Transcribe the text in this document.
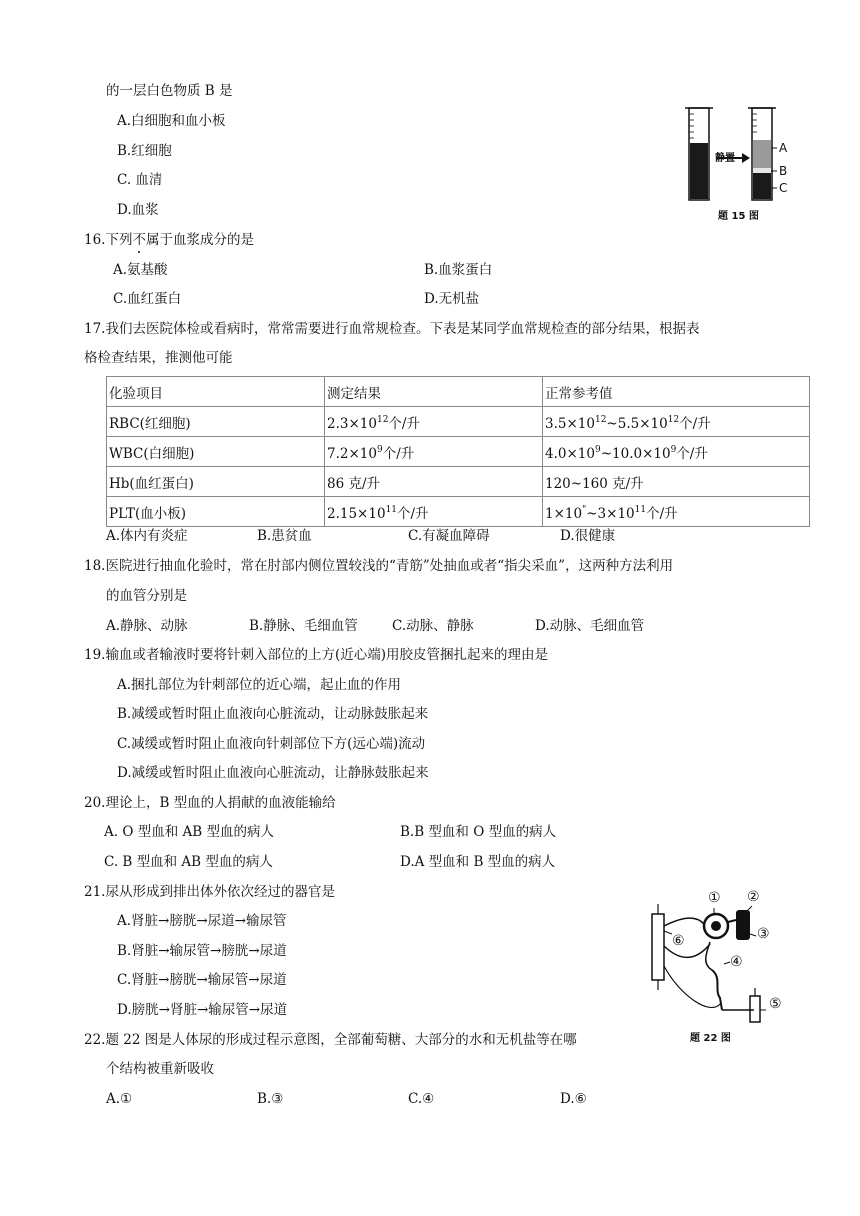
的一层白色物质 B 是
A.白细胞和血小板
B.红细胞
C. 血清
D.血浆
静置
A
B
C
题 15 图
16.下列不属于血浆成分的是
A.氨基酸	B.血浆蛋白
C.血红蛋白	D.无机盐
17.我们去医院体检或看病时，常常需要进行血常规检查。下表是某同学血常规检查的部分结果，根据表
格检查结果，推测他可能
化验项目	测定结果	正常参考值
RBC(红细胞)	$2.3\times 10^{12}$个/升	$3.5\times 10^{12}\sim 5.5\times 10^{12}$个/升
WBC(白细胞)	$7.2\times 10^9$个/升	$4.0\times 10^9\sim 10.0\times 10^9$个/升
Hb(血红蛋白)	86 克/升	120~160 克/升
PLT(血小板)	$2.15\times 10^{11}$个/升	$1\times 10^"\sim 3\times 10^{11}$个/升
A.体内有炎症	B.患贫血	C.有凝血障碍	D.很健康
18.医院进行抽血化验时，常在肘部内侧位置较浅的“青筋”处抽血或者“指尖采血”，这两种方法利用
的血管分别是
A.静脉、动脉	B.静脉、毛细血管	C.动脉、静脉	D.动脉、毛细血管
19.输血或者输液时要将针刺入部位的上方(近心端)用胶皮管捆扎起来的理由是
A.捆扎部位为针刺部位的近心端，起止血的作用
B.减缓或暂时阻止血液向心脏流动，让动脉鼓胀起来
C.减缓或暂时阻止血液向针刺部位下方(远心端)流动
D.减缓或暂时阻止血液向心脏流动，让静脉鼓胀起来
20.理论上，B 型血的人捐献的血液能输给
A. O 型血和 AB 型血的病人	B.B 型血和 O 型血的病人
C. B 型血和 AB 型血的病人	D.A 型血和 B 型血的病人
21.尿从形成到排出体外依次经过的器官是
A.肾脏→膀胱→尿道→输尿管
B.肾脏→输尿管→膀胱→尿道
C.肾脏→膀胱→输尿管→尿道
D.膀胱→肾脏→输尿管→尿道
① ②
③
④
⑤
⑥
题 22 图
22.题 22 图是人体尿的形成过程示意图，全部葡萄糖、大部分的水和无机盐等在哪
个结构被重新吸收
A.①	B.③	C.④	D.⑥
